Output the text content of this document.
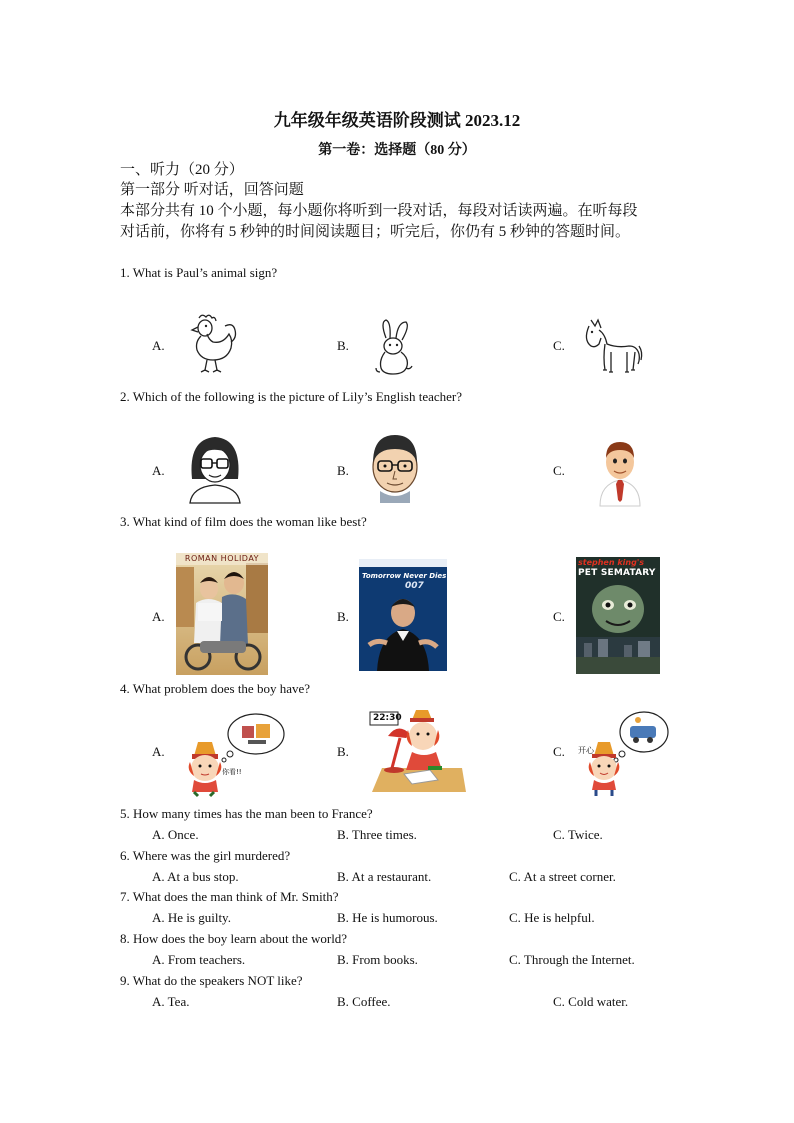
九年级年级英语阶段测试 2023.12
第一卷：选择题（80 分）
一、听力（20 分）
第一部分 听对话，回答问题
本部分共有 10 个小题，每小题你将听到一段对话，每段对话读两遍。在听每段
对话前，你将有 5 秒钟的时间阅读题目；听完后，你仍有 5 秒钟的答题时间。
1. What is Paul’s animal sign?
A.	B.	C.
2. Which of the following is the picture of Lily’s English teacher?
A.	B.	C.
3. What kind of film does the woman like best?
A.	B.	C.
ROMAN HOLIDAY
Tomorrow Never Dies
007
stephen king's
PET SEMATARY
4. What problem does the boy have?
A.	B.	C.
你看!!
22:30
开心
5. How many times has the man been to France?
A. Once.	B. Three times.	C. Twice.
6. Where was the girl murdered?
A. At a bus stop.	B. At a restaurant.	C. At a street corner.
7. What does the man think of Mr. Smith?
A. He is guilty.	B. He is humorous.	C. He is helpful.
8. How does the boy learn about the world?
A. From teachers.	B. From books.	C. Through the Internet.
9. What do the speakers NOT like?
A. Tea.	B. Coffee.	C. Cold water.
